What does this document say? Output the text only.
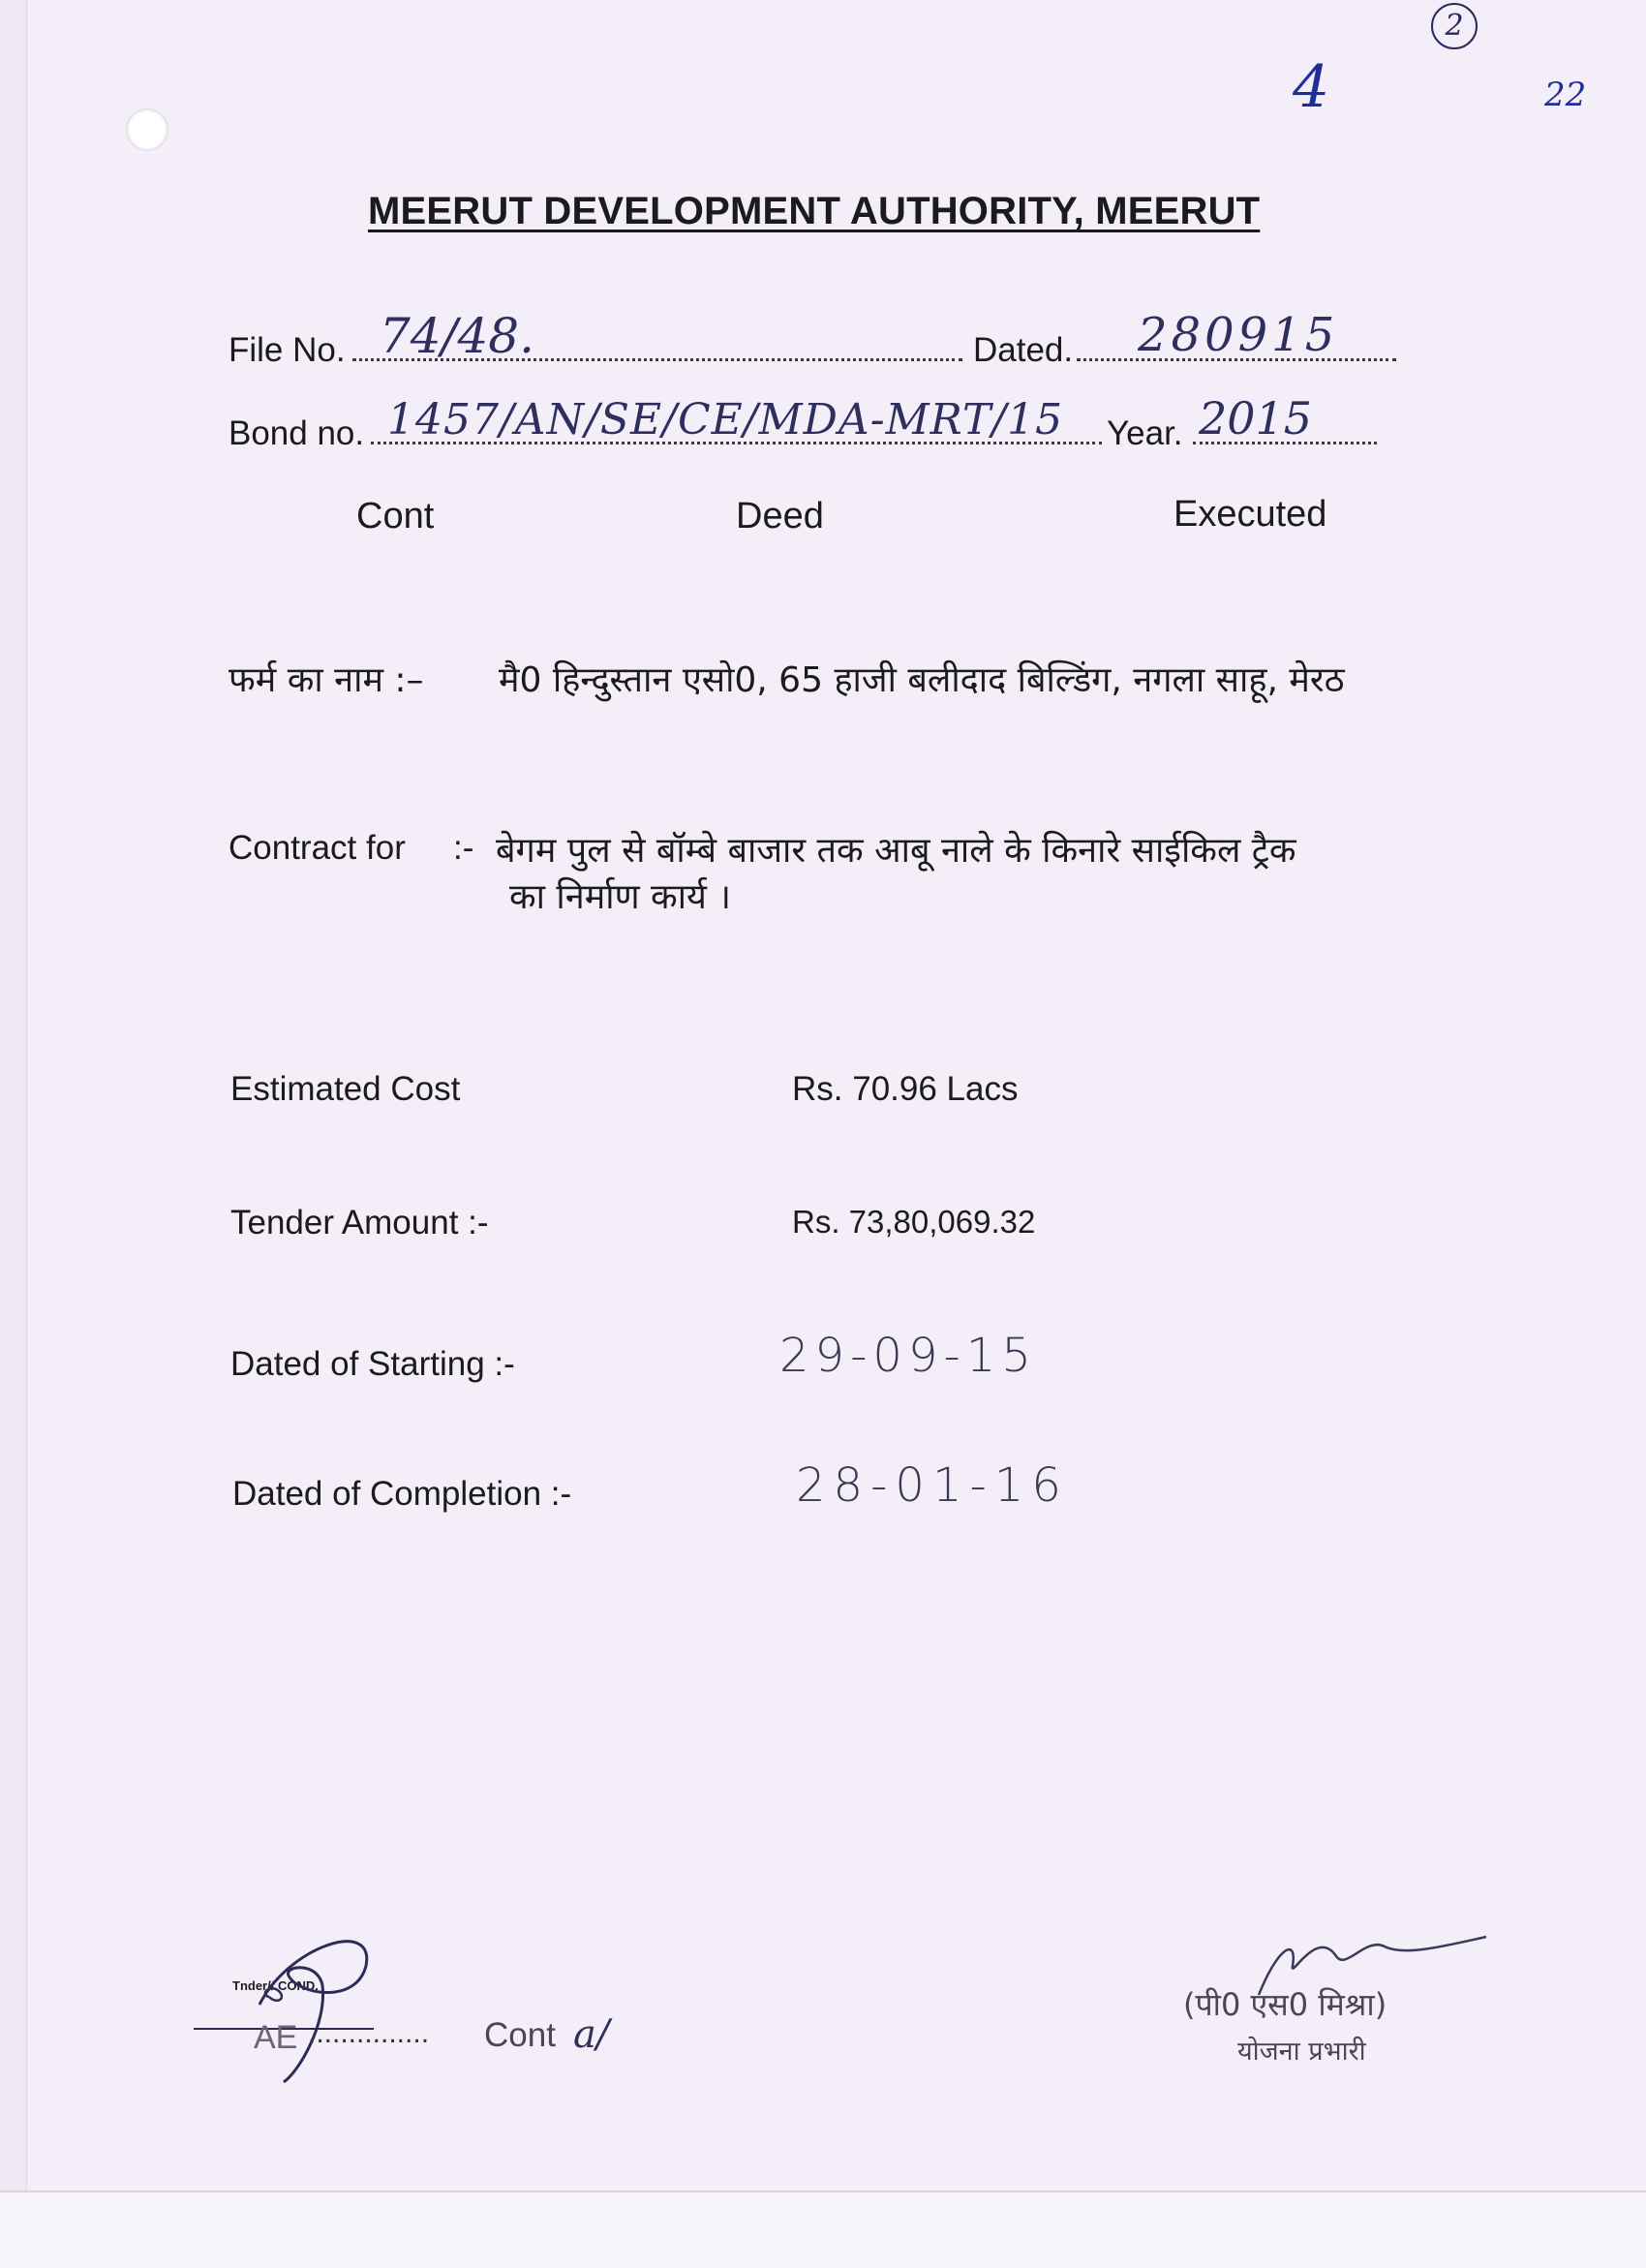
2
4	22
MEERUT DEVELOPMENT AUTHORITY, MEERUT
File No. 74/48.	Dated. 280915
Bond no. 1457/AN/SE/CE/MDA-MRT/15 Year. 2015
Cont	Deed	Executed
फर्म का नाम :– मै0 हिन्दुस्तान एसो0, 65 हाजी बलीदाद बिल्डिंग, नगला साहू, मेरठ
Contract for :- बेगम पुल से बॉम्बे बाजार तक आबू नाले के किनारे साईकिल ट्रैक
का निर्माण कार्य ।
Estimated Cost	Rs. 70.96 Lacs
Tender Amount :-	Rs. 73,80,069.32
Dated of Starting :-	29-09-15
Dated of Completion :-	28-01-16
Tnder// COND.
AE ............... Cont a/
(पी0 एस0 मिश्रा)
योजना प्रभारी
